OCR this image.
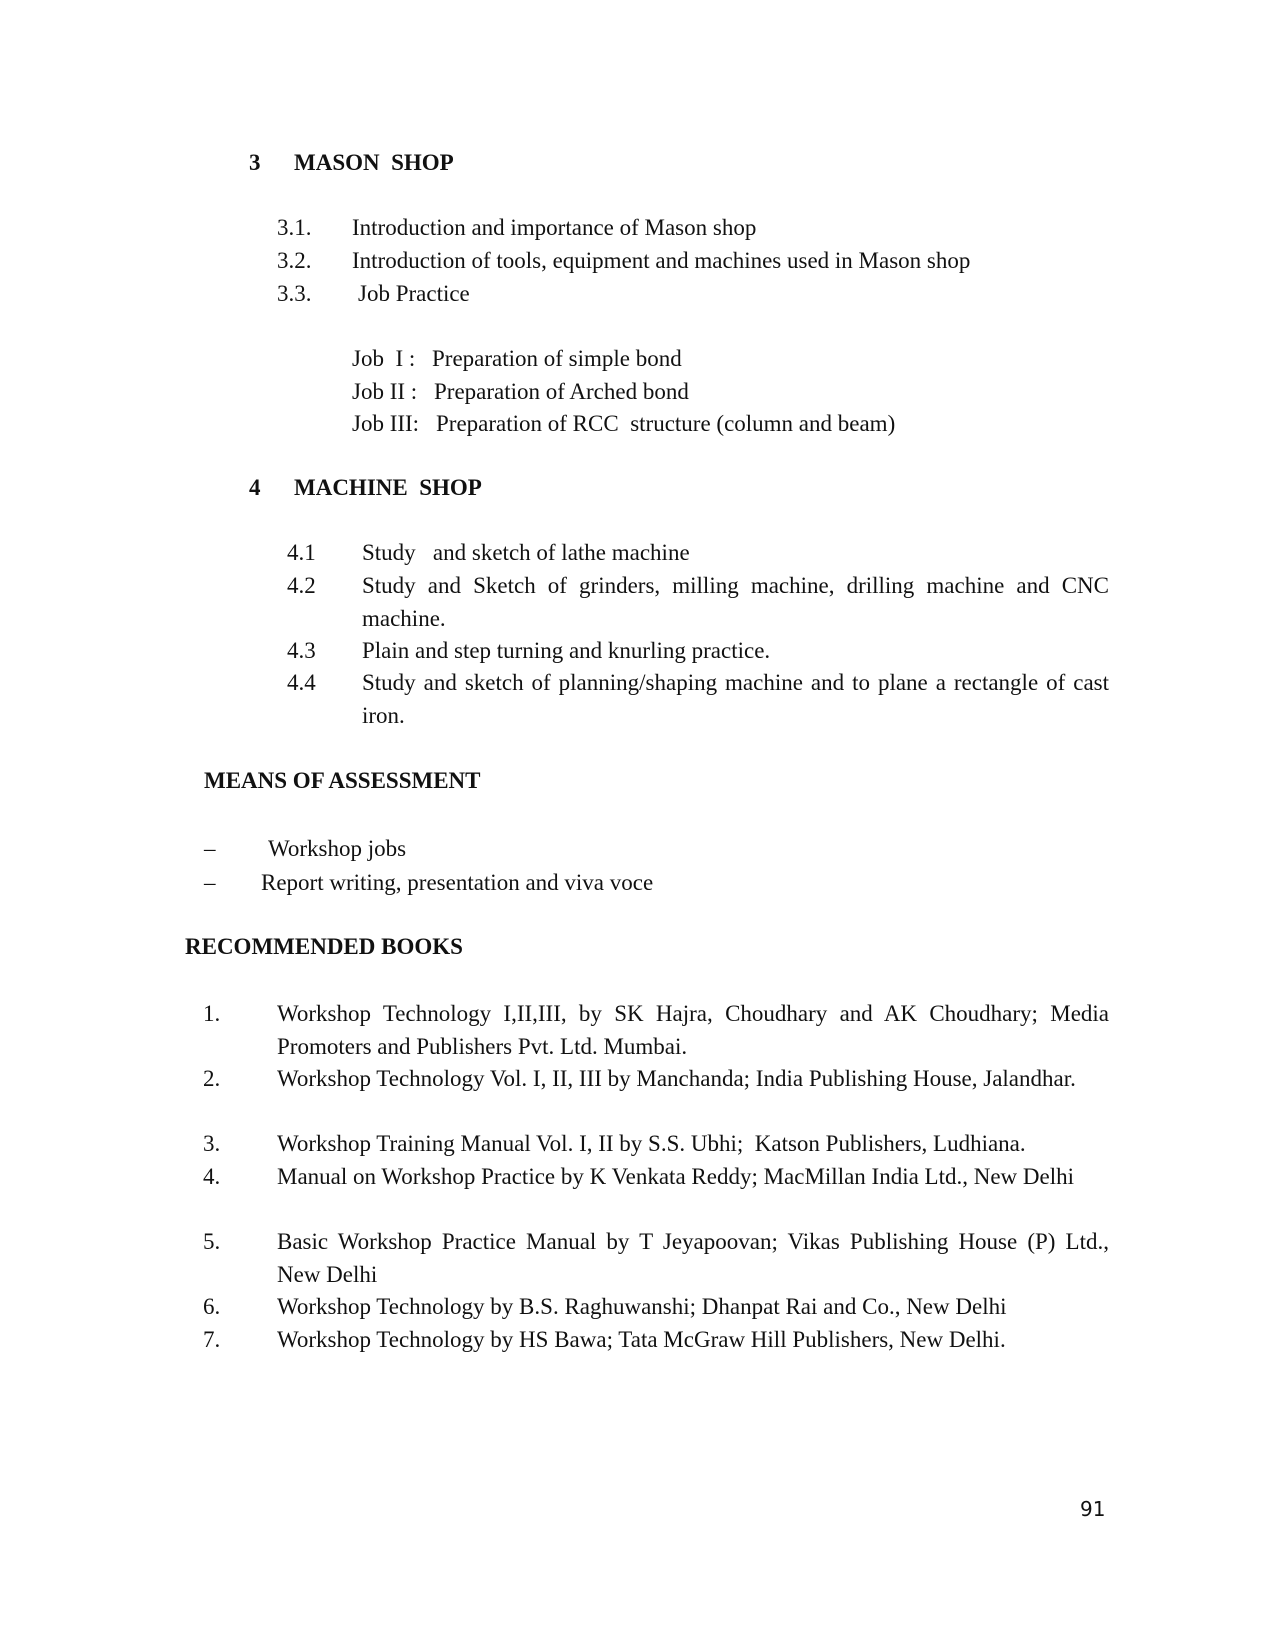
3 MASON  SHOP
3.1.	Introduction and importance of Mason shop
3.2.	Introduction of tools, equipment and machines used in Mason shop
3.3.	Job Practice
Job  I : Preparation of simple bond
Job II : Preparation of Arched bond
Job III: Preparation of RCC  structure (column and beam)
4 MACHINE  SHOP
4.1	Study   and sketch of lathe machine
4.2	Study and Sketch of grinders, milling machine, drilling machine and CNC machine.
4.3	Plain and step turning and knurling practice.
4.4	Study and sketch of planning/shaping machine and to plane a rectangle of cast iron.
MEANS OF ASSESSMENT
–	Workshop jobs
–	Report writing, presentation and viva voce
RECOMMENDED BOOKS
1.	Workshop Technology I,II,III, by SK Hajra, Choudhary and AK Choudhary; Media Promoters and Publishers Pvt. Ltd. Mumbai.
2.	Workshop Technology Vol. I, II, III by Manchanda; India Publishing House, Jalandhar.
3.	Workshop Training Manual Vol. I, II by S.S. Ubhi;  Katson Publishers, Ludhiana.
4.	Manual on Workshop Practice by K Venkata Reddy; MacMillan India Ltd., New Delhi
5.	Basic Workshop Practice Manual by T Jeyapoovan; Vikas Publishing House (P) Ltd., New Delhi
6.	Workshop Technology by B.S. Raghuwanshi; Dhanpat Rai and Co., New Delhi
7.	Workshop Technology by HS Bawa; Tata McGraw Hill Publishers, New Delhi.
91
